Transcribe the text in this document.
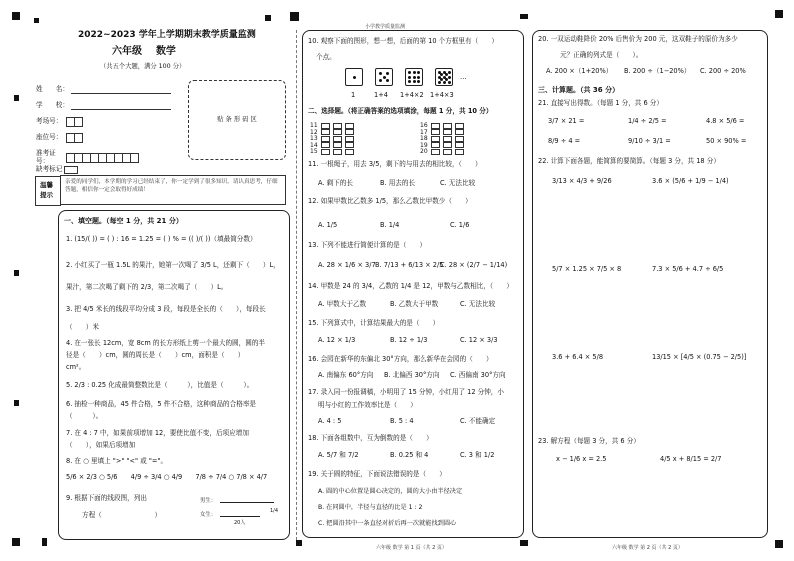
2022~2023 学年上学期期末教学质量监测
六年级 数学
（共五个大题，满分 100 分）
姓　　名：
学　　校：
考场号：
座位号：
准考证号：
缺考标记
贴 条 形 码 区
温馨提示
亲爱的同学们，本学期的学习已经结束了，你一定学到了很多知识。请认真思考，仔细答题，相信你一定会取得好成绩！
一、填空题。（每空 1 分，共 21 分）
1. (15/( )) = ( ) : 16 = 1.25 = ( ) % = (( )/( ))（填最简分数）
2. 小红买了一瓶 1.5L 的果汁，她第一次喝了 3/5 L，还剩下（　　）L，
果汁，第二次喝了剩下的 2/3，第二次喝了（　　）L。
3. 把 4/5 米长的线段平均分成 3 段，每段是全长的（　　），每段长
（　　）米
4. 在一张长 12cm，宽 8cm 的长方形纸上剪一个最大的圆，圆的半
径是（　　）cm，圆的周长是（　　）cm，面积是（　　）
cm²。
5. 2/3 : 0.25 化成最简整数比是（　　　），比值是（　　　）。
6. 抽检一种商品，45 件合格，5 件不合格，这种商品的合格率是
（　　　）。
7. 在 4 : 7 中，如果前项增加 12，要使比值不变，后项应增加
（　　），如果后项增加
8. 在 ○ 里填上 ">" "<" 或 "="。
5/6 × 2/3 ○ 5/6　　4/9 ÷ 3/4 ○ 4/9　　7/8 ÷ 7/4 ○ 7/8 × 4/7
9. 根据下面的线段图，列出
方程（　　　　　　　　）
男生：
女生：
20人
1/4
小学教学质量监测
10. 观察下面的图形，想一想，后面的第 10 个方框里有（　　）
个点。

1	1+4 1+4×2 1+4×3
…
二、选择题。（将正确答案的选项填涂，每题 1 分，共 10 分）
11
12
13
14
15
16
17
18
19
20
11. 一根绳子，用去 3/5，剩下的与用去的相比较，（　　）
A. 剩下的长	B. 用去的长	C. 无法比较
12. 如果甲数比乙数多 1/5，那么乙数比甲数少（　　）
A. 1/5	B. 1/4	C. 1/6
13. 下列不能进行简便计算的是（　　）
A. 28 × 1/6 × 3/7 B. 7/13 + 6/13 × 2/5
C. 28 × (2/7 − 1/14)
14. 甲数是 24 的 3/4，乙数的 1/4 是 12，甲数与乙数相比，（　　）
A. 甲数大于乙数	B. 乙数大于甲数	C. 无法比较
15. 下列算式中，计算结果最大的是（　　）
A. 12 × 1/3	B. 12 ÷ 1/3	C. 12 × 3/3
16. 会园在新华的东偏北 30°方向，那么新华在会园的（　　）
A. 南偏东 60°方向 B. 北偏西 30°方向 C. 西偏南 30°方向
17. 录入同一份报调稿，小明用了 15 分钟，小红用了 12 分钟，小
明与小红的工作效率比是（　　）
A. 4 : 5	B. 5 : 4	C. 不能确定
18. 下面各组数中，互为倒数的是（　　）
A. 5/7 和 7/2	B. 0.25 和 4	C. 3 和 1/2
19. 关于圆的特征，下面说法错误的是（　　）
A. 圆的中心位置是圆心决定的，圆的大小由半径决定
B. 在同圆中，半径与直径的比是 1 : 2
C. 把圆沿其中一条直径对折后再一次就能找到圆心
六年级 数学 第 1 页（共 2 页）
20. 一双运动鞋降价 20% 后售价为 200 元，这双鞋子的原价为多少
元？正确的列式是（　　）。
A. 200 ×（1+20%） B. 200 ÷（1−20%） C. 200 ÷ 20%
三、计算题。（共 36 分）
21. 直接写出得数。（每题 1 分，共 6 分）
3/7 × 21 =	1/4 ÷ 2/5 =	4.8 × 5/6 =
8/9 ÷ 4 =	9/10 ÷ 3/1 =	50 × 90% =
22. 计算下面各题，能简算的要简算。（每题 3 分，共 18 分）
3/13 × 4/3 + 9/26	3.6 × (5/6 + 1/9 − 1/4)
5/7 × 1.25 × 7/5 × 8	7.3 × 5/6 + 4.7 ÷ 6/5
3.6 + 6.4 × 5/8	13/15 × [4/5 × (0.75 − 2/5)]
23. 解方程（每题 3 分，共 6 分）
x − 1/6 x = 2.5	4/5 x + 8/15 = 2/7
六年级 数学 第 2 页（共 2 页）
